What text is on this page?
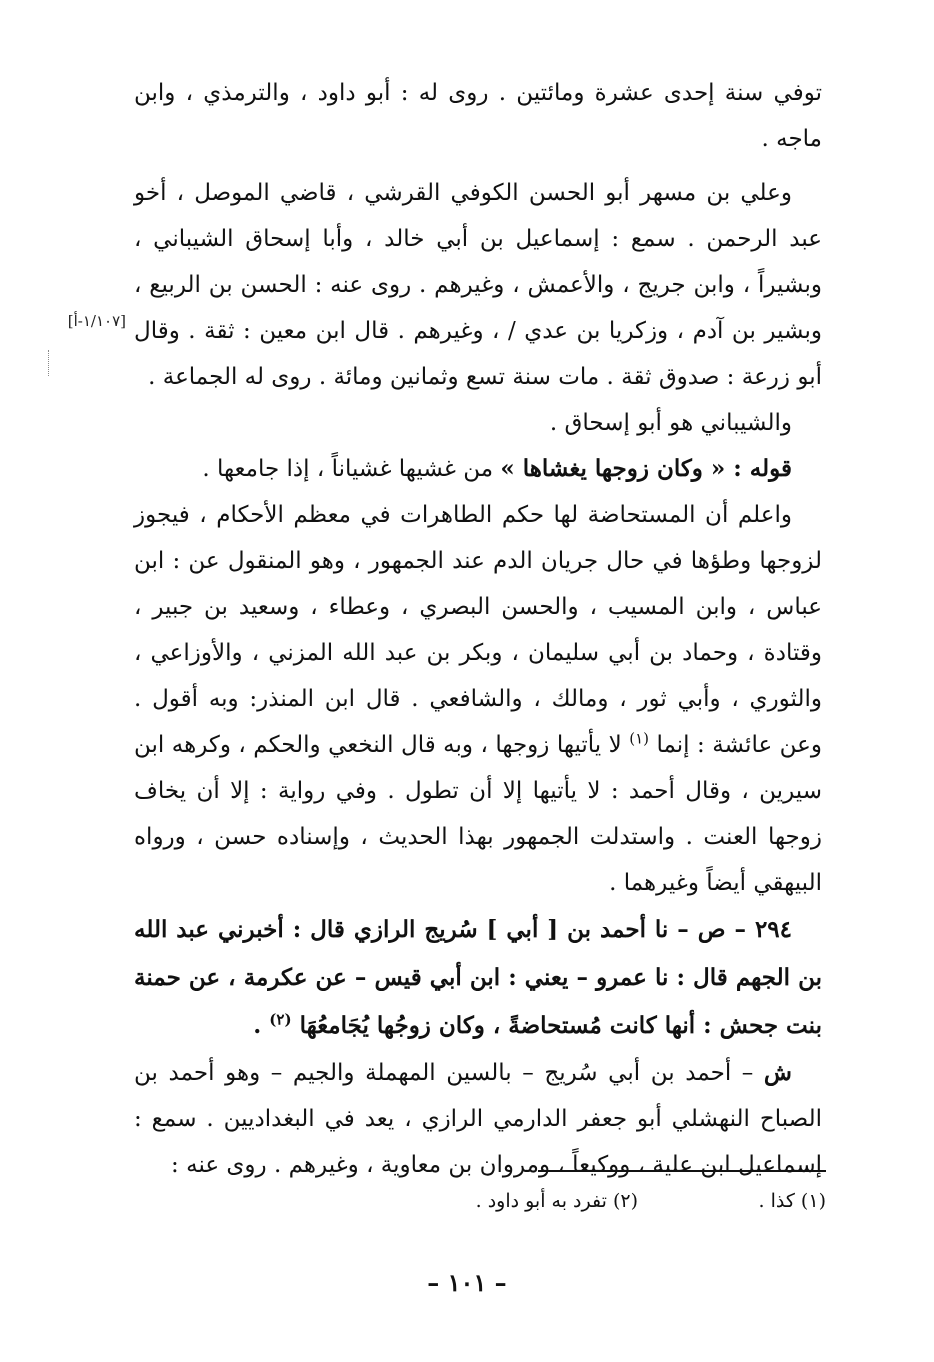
توفي سنة إحدى عشرة ومائتين . روى له : أبو داود ، والترمذي ، وابن ماجه .

وعلي بن مسهر أبو الحسن الكوفي القرشي ، قاضي الموصل ، أخو عبد الرحمن . سمع : إسماعيل بن أبي خالد ، وأبا إسحاق الشيباني ، وبشيراً ، وابن جريج ، والأعمش ، وغيرهم . روى عنه : الحسن بن الربيع ، وبشير بن آدم ، وزكريا بن عدي / ، وغيرهم . قال ابن معين : ثقة . وقال أبو زرعة : صدوق ثقة . مات سنة تسع وثمانين ومائة . روى له الجماعة .

والشيباني هو أبو إسحاق .

قوله : « وكان زوجها يغشاها » من غشيها غشياناً ، إذا جامعها .

واعلم أن المستحاضة لها حكم الطاهرات في معظم الأحكام ، فيجوز لزوجها وطؤها في حال جريان الدم عند الجمهور ، وهو المنقول عن : ابن عباس ، وابن المسيب ، والحسن البصري ، وعطاء ، وسعيد بن جبير ، وقتادة ، وحماد بن أبي سليمان ، وبكر بن عبد الله المزني ، والأوزاعي ، والثوري ، وأبي ثور ، ومالك ، والشافعي . قال ابن المنذر: وبه أقول . وعن عائشة : إنما $^{(١)}$ لا يأتيها زوجها ، وبه قال النخعي والحكم ، وكرهه ابن سيرين ، وقال أحمد : لا يأتيها إلا أن تطول . وفي رواية : إلا أن يخاف زوجها العنت . واستدلت الجمهور بهذا الحديث ، وإسناده حسن ، ورواه البيهقي أيضاً وغيرهما .

٢٩٤ – ص – نا أحمد بن [ أبي ] سُريج الرازي قال : أخبرني عبد الله بن الجهم قال : نا عمرو – يعني : ابن أبي قيس – عن عكرمة ، عن حمنة بنت جحش : أنها كانت مُستحاضةً ، وكان زوجُها يُجَامعُهَا $^{(٢)}$ .

ش – أحمد بن أبي سُريج – بالسين المهملة والجيم – وهو أحمد بن الصباح النهشلي أبو جعفر الدارمي الرازي ، يعد في البغداديين . سمع : إسماعيل ابن علية ، ووكيعاً ، ومروان بن معاوية ، وغيرهم . روى عنه :

[١/١٠٧-أ]
(١) كذا .
(٢) تفرد به أبو داود .
– ١٠١ –
